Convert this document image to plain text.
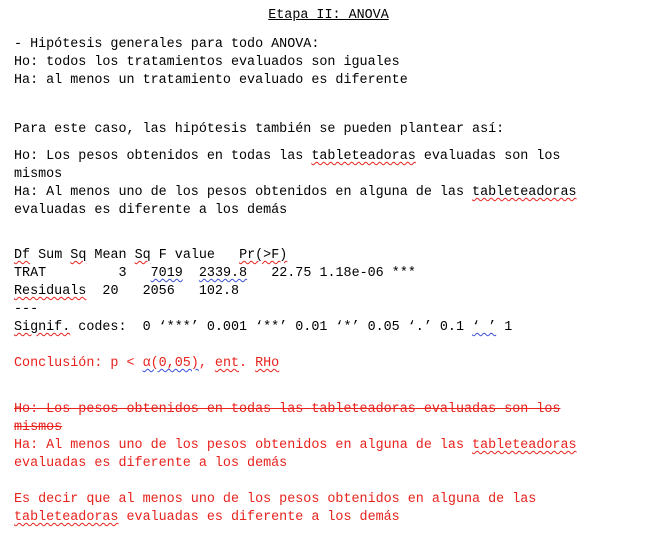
Etapa II: ANOVA
- Hipótesis generales para todo ANOVA:
Ho: todos los tratamientos evaluados son iguales
Ha: al menos un tratamiento evaluado es diferente
Para este caso, las hipótesis también se pueden plantear así:
Ho: Los pesos obtenidos en todas las tableteadoras evaluadas son los
mismos
Ha: Al menos uno de los pesos obtenidos en alguna de las tableteadoras
evaluadas es diferente a los demás
Df Sum Sq Mean Sq F value Pr(>F)
TRAT	3 7019 2339.8 22.75 1.18e-06 ***
Residuals 20 2056 102.8
---
Signif. codes:  0 ‘***’ 0.001 ‘**’ 0.01 ‘*’ 0.05 ‘.’ 0.1 ‘ ’ 1
Conclusión: p < α(0,05), ent. RHo
Ho: Los pesos obtenidos en todas las tableteadoras evaluadas son los
mismos
Ha: Al menos uno de los pesos obtenidos en alguna de las tableteadoras
evaluadas es diferente a los demás
Es decir que al menos uno de los pesos obtenidos en alguna de las
tableteadoras evaluadas es diferente a los demás
